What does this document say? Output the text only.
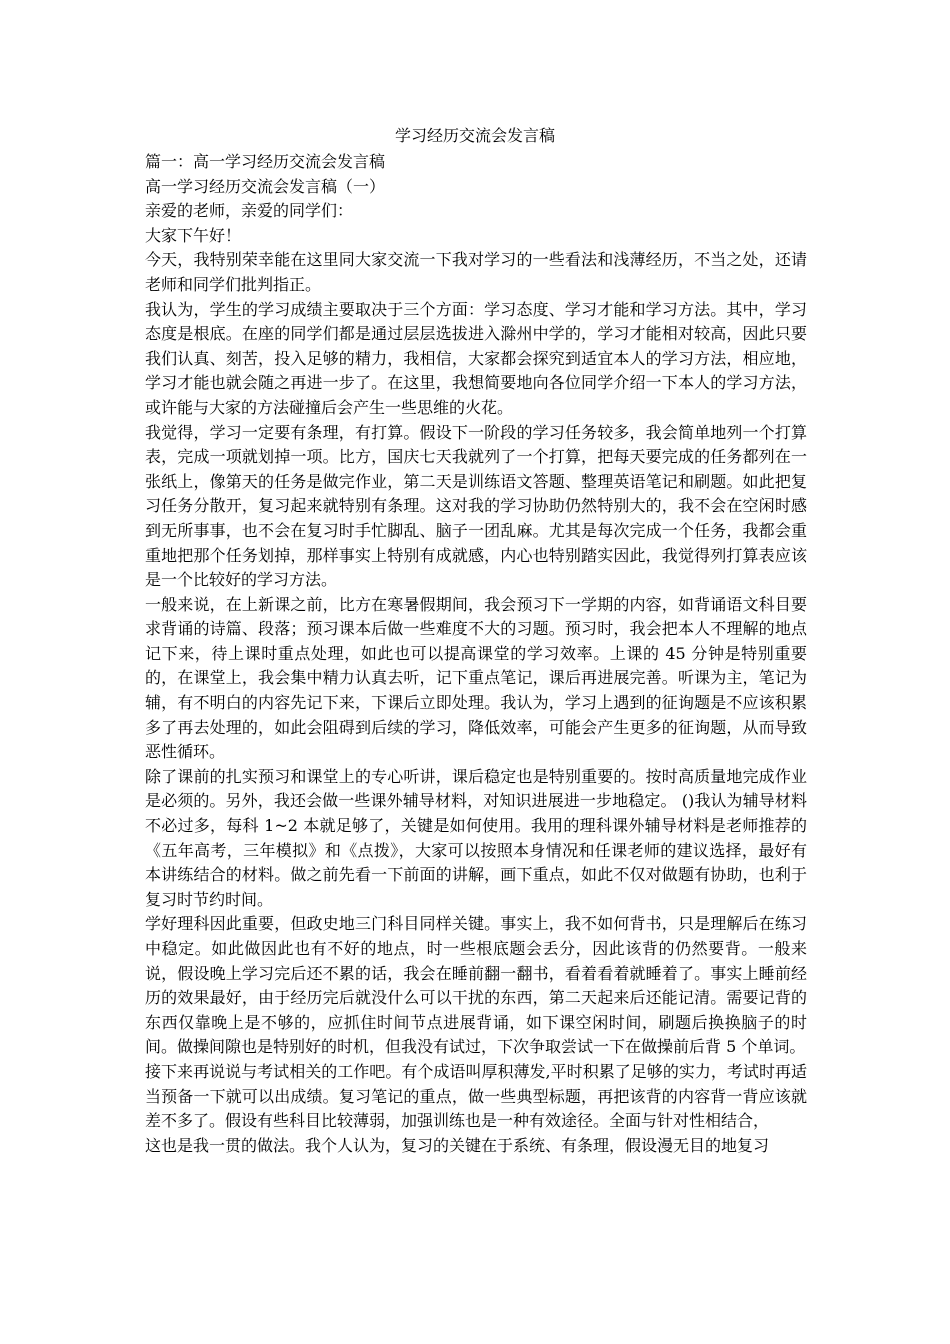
学习经历交流会发言稿

篇一：高一学习经历交流会发言稿

高一学习经历交流会发言稿（一）

亲爱的老师，亲爱的同学们：

大家下午好！

今天，我特别荣幸能在这里同大家交流一下我对学习的一些看法和浅薄经历，不当之处，还请老师和同学们批判指正。

我认为，学生的学习成绩主要取决于三个方面：学习态度、学习才能和学习方法。其中，学习态度是根底。在座的同学们都是通过层层选拔进入滁州中学的，学习才能相对较高，因此只要我们认真、刻苦，投入足够的精力，我相信，大家都会探究到适宜本人的学习方法，相应地，学习才能也就会随之再进一步了。在这里，我想简要地向各位同学介绍一下本人的学习方法，或许能与大家的方法碰撞后会产生一些思维的火花。

我觉得，学习一定要有条理，有打算。假设下一阶段的学习任务较多，我会简单地列一个打算表，完成一项就划掉一项。比方，国庆七天我就列了一个打算，把每天要完成的任务都列在一张纸上，像第天的任务是做完作业，第二天是训练语文答题、整理英语笔记和刷题。如此把复习任务分散开，复习起来就特别有条理。这对我的学习协助仍然特别大的，我不会在空闲时感到无所事事，也不会在复习时手忙脚乱、脑子一团乱麻。尤其是每次完成一个任务，我都会重重地把那个任务划掉，那样事实上特别有成就感，内心也特别踏实因此，我觉得列打算表应该是一个比较好的学习方法。

一般来说，在上新课之前，比方在寒暑假期间，我会预习下一学期的内容，如背诵语文科目要求背诵的诗篇、段落；预习课本后做一些难度不大的习题。预习时，我会把本人不理解的地点记下来，待上课时重点处理，如此也可以提高课堂的学习效率。上课的 45 分钟是特别重要的，在课堂上，我会集中精力认真去听，记下重点笔记，课后再进展完善。听课为主，笔记为辅，有不明白的内容先记下来，下课后立即处理。我认为，学习上遇到的征询题是不应该积累多了再去处理的，如此会阻碍到后续的学习，降低效率，可能会产生更多的征询题，从而导致恶性循环。

除了课前的扎实预习和课堂上的专心听讲，课后稳定也是特别重要的。按时高质量地完成作业是必须的。另外，我还会做一些课外辅导材料，对知识进展进一步地稳定。 ()我认为辅导材料不必过多，每科 1~2 本就足够了，关键是如何使用。我用的理科课外辅导材料是老师推荐的《五年高考，三年模拟》和《点拨》，大家可以按照本身情况和任课老师的建议选择，最好有本讲练结合的材料。做之前先看一下前面的讲解，画下重点，如此不仅对做题有协助，也利于复习时节约时间。

学好理科因此重要，但政史地三门科目同样关键。事实上，我不如何背书，只是理解后在练习中稳定。如此做因此也有不好的地点，时一些根底题会丢分，因此该背的仍然要背。一般来说，假设晚上学习完后还不累的话，我会在睡前翻一翻书，看着看着就睡着了。事实上睡前经历的效果最好，由于经历完后就没什么可以干扰的东西，第二天起来后还能记清。需要记背的东西仅靠晚上是不够的，应抓住时间节点进展背诵，如下课空闲时间，刷题后换换脑子的时间。做操间隙也是特别好的时机，但我没有试过，下次争取尝试一下在做操前后背 5 个单词。

接下来再说说与考试相关的工作吧。有个成语叫厚积薄发,平时积累了足够的实力，考试时再适当预备一下就可以出成绩。复习笔记的重点，做一些典型标题，再把该背的内容背一背应该就差不多了。假设有些科目比较薄弱，加强训练也是一种有效途径。全面与针对性相结合，

这也是我一贯的做法。我个人认为，复习的关键在于系统、有条理，假设漫无目的地复习
